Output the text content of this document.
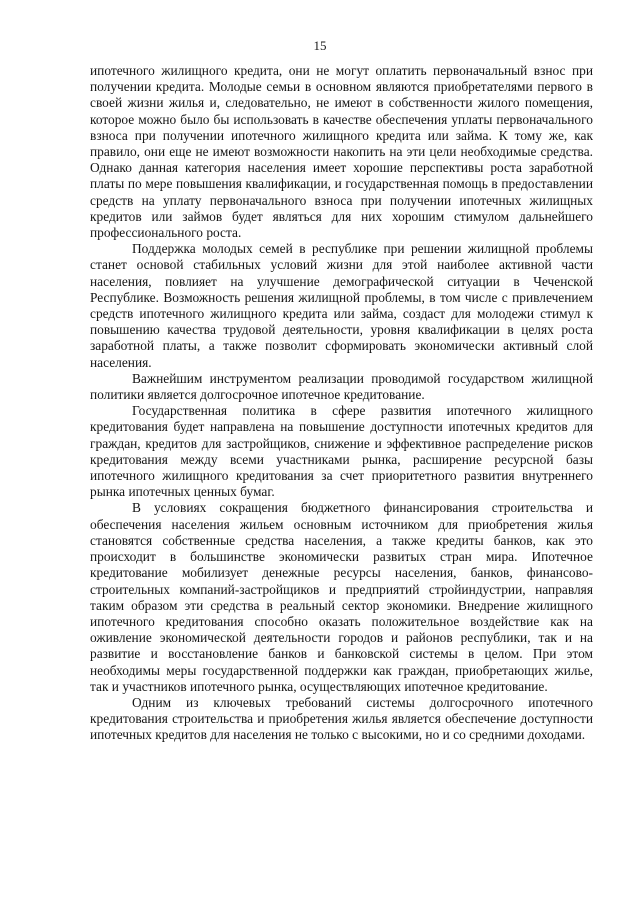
15

ипотечного жилищного кредита, они не могут оплатить первоначальный взнос при получении кредита. Молодые семьи в основном являются приобретателями первого в своей жизни жилья и, следовательно, не имеют в собственности жилого помещения, которое можно было бы использовать в качестве обеспечения уплаты первоначального взноса при получении ипотечного жилищного кредита или займа. К тому же, как правило, они еще не имеют возможности накопить на эти цели необходимые средства. Однако данная категория населения имеет хорошие перспективы роста заработной платы по мере повышения квалификации, и государственная помощь в предоставлении средств на уплату первоначального взноса при получении ипотечных жилищных кредитов или займов будет являться для них хорошим стимулом дальнейшего профессионального роста.

Поддержка молодых семей в республике при решении жилищной проблемы станет основой стабильных условий жизни для этой наиболее активной части населения, повлияет на улучшение демографической ситуации в Чеченской Республике. Возможность решения жилищной проблемы, в том числе с привлечением средств ипотечного жилищного кредита или займа, создаст для молодежи стимул к повышению качества трудовой деятельности, уровня квалификации в целях роста заработной платы, а также позволит сформировать экономически активный слой населения.

Важнейшим инструментом реализации проводимой государством жилищной политики является долгосрочное ипотечное кредитование.

Государственная политика в сфере развития ипотечного жилищного кредитования будет направлена на повышение доступности ипотечных кредитов для граждан, кредитов для застройщиков, снижение и эффективное распределение рисков кредитования между всеми участниками рынка, расширение ресурсной базы ипотечного жилищного кредитования за счет приоритетного развития внутреннего рынка ипотечных ценных бумаг.

В условиях сокращения бюджетного финансирования строительства и обеспечения населения жильем основным источником для приобретения жилья становятся собственные средства населения, а также кредиты банков, как это происходит в большинстве экономически развитых стран мира. Ипотечное кредитование мобилизует денежные ресурсы населения, банков, финансово-строительных компаний-застройщиков и предприятий стройиндустрии, направляя таким образом эти средства в реальный сектор экономики. Внедрение жилищного ипотечного кредитования способно оказать положительное воздействие как на оживление экономической деятельности городов и районов республики, так и на развитие и восстановление банков и банковской системы в целом. При этом необходимы меры государственной поддержки как граждан, приобретающих жилье, так и участников ипотечного рынка, осуществляющих ипотечное кредитование.

Одним из ключевых требований системы долгосрочного ипотечного кредитования строительства и приобретения жилья является обеспечение доступности ипотечных кредитов для населения не только с высокими, но и со средними доходами.
